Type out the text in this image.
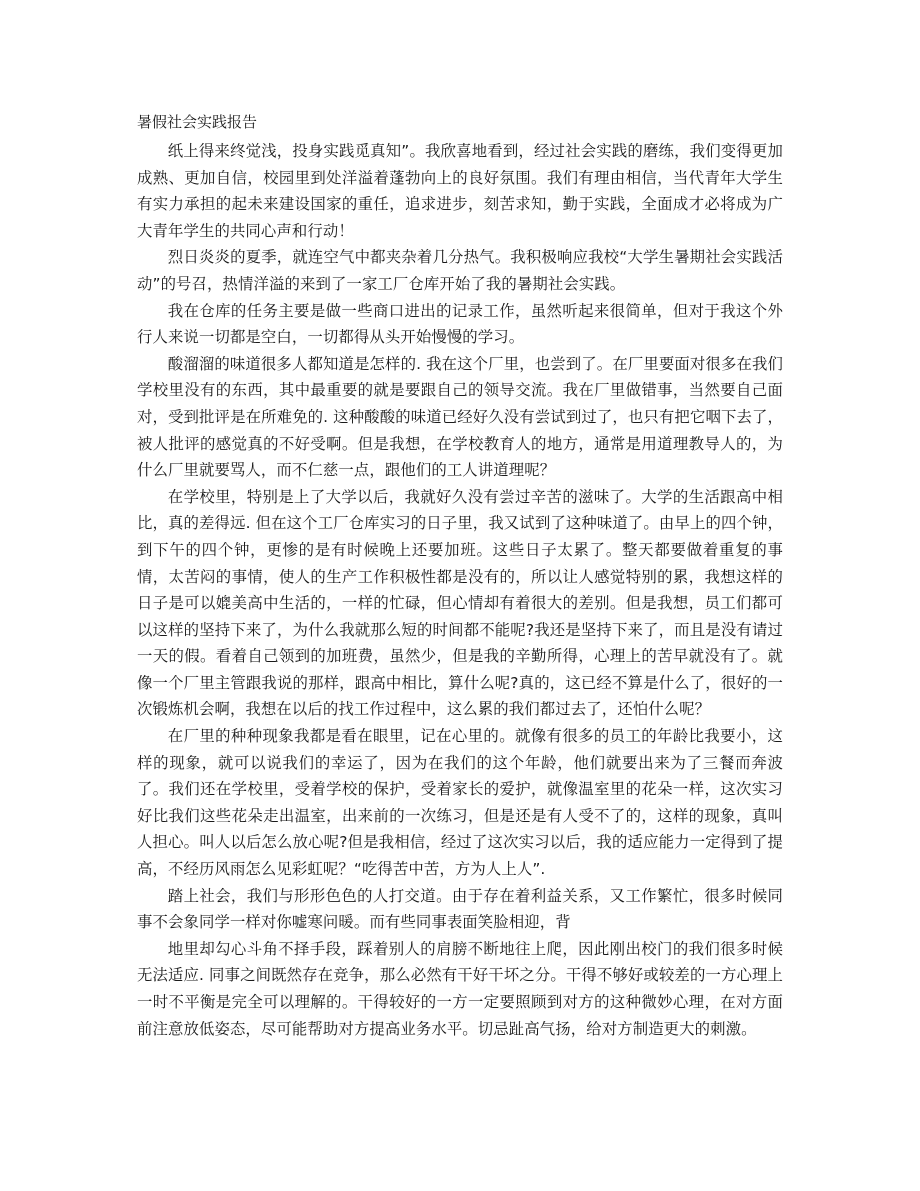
暑假社会实践报告

纸上得来终觉浅，投身实践觅真知”。我欣喜地看到，经过社会实践的磨练，我们变得更加成熟、更加自信，校园里到处洋溢着蓬勃向上的良好氛围。我们有理由相信，当代青年大学生有实力承担的起未来建设国家的重任，追求进步，刻苦求知，勤于实践，全面成才必将成为广大青年学生的共同心声和行动！

烈日炎炎的夏季，就连空气中都夹杂着几分热气。我积极响应我校“大学生暑期社会实践活动”的号召，热情洋溢的来到了一家工厂仓库开始了我的暑期社会实践。

我在仓库的任务主要是做一些商口进出的记录工作，虽然听起来很简单，但对于我这个外行人来说一切都是空白，一切都得从头开始慢慢的学习。

酸溜溜的味道很多人都知道是怎样的. 我在这个厂里，也尝到了。在厂里要面对很多在我们学校里没有的东西，其中最重要的就是要跟自己的领导交流。我在厂里做错事，当然要自己面对，受到批评是在所难免的. 这种酸酸的味道已经好久没有尝试到过了，也只有把它咽下去了，被人批评的感觉真的不好受啊。但是我想，在学校教育人的地方，通常是用道理教导人的，为什么厂里就要骂人，而不仁慈一点，跟他们的工人讲道理呢？

在学校里，特别是上了大学以后，我就好久没有尝过辛苦的滋味了。大学的生活跟高中相比，真的差得远. 但在这个工厂仓库实习的日子里，我又试到了这种味道了。由早上的四个钟，到下午的四个钟，更惨的是有时候晚上还要加班。这些日子太累了。整天都要做着重复的事情，太苦闷的事情，使人的生产工作积极性都是没有的，所以让人感觉特别的累，我想这样的日子是可以媲美高中生活的，一样的忙碌，但心情却有着很大的差别。但是我想，员工们都可以这样的坚持下来了，为什么我就那么短的时间都不能呢?我还是坚持下来了，而且是没有请过一天的假。看着自己领到的加班费，虽然少，但是我的辛勤所得，心理上的苦早就没有了。就像一个厂里主管跟我说的那样，跟高中相比，算什么呢?真的，这已经不算是什么了，很好的一次锻炼机会啊，我想在以后的找工作过程中，这么累的我们都过去了，还怕什么呢？

在厂里的种种现象我都是看在眼里，记在心里的。就像有很多的员工的年龄比我要小，这样的现象，就可以说我们的幸运了，因为在我们的这个年龄，他们就要出来为了三餐而奔波了。我们还在学校里，受着学校的保护，受着家长的爱护，就像温室里的花朵一样，这次实习好比我们这些花朵走出温室，出来前的一次练习，但是还是有人受不了的，这样的现象，真叫人担心。叫人以后怎么放心呢?但是我相信，经过了这次实习以后，我的适应能力一定得到了提高，不经历风雨怎么见彩虹呢？“吃得苦中苦，方为人上人”.

踏上社会，我们与形形色色的人打交道。由于存在着利益关系，又工作繁忙，很多时候同事不会象同学一样对你嘘寒问暖。而有些同事表面笑脸相迎，背

地里却勾心斗角不择手段，踩着别人的肩膀不断地往上爬，因此刚出校门的我们很多时候无法适应. 同事之间既然存在竞争，那么必然有干好干坏之分。干得不够好或较差的一方心理上一时不平衡是完全可以理解的。干得较好的一方一定要照顾到对方的这种微妙心理，在对方面前注意放低姿态，尽可能帮助对方提高业务水平。切忌趾高气扬，给对方制造更大的刺激。
